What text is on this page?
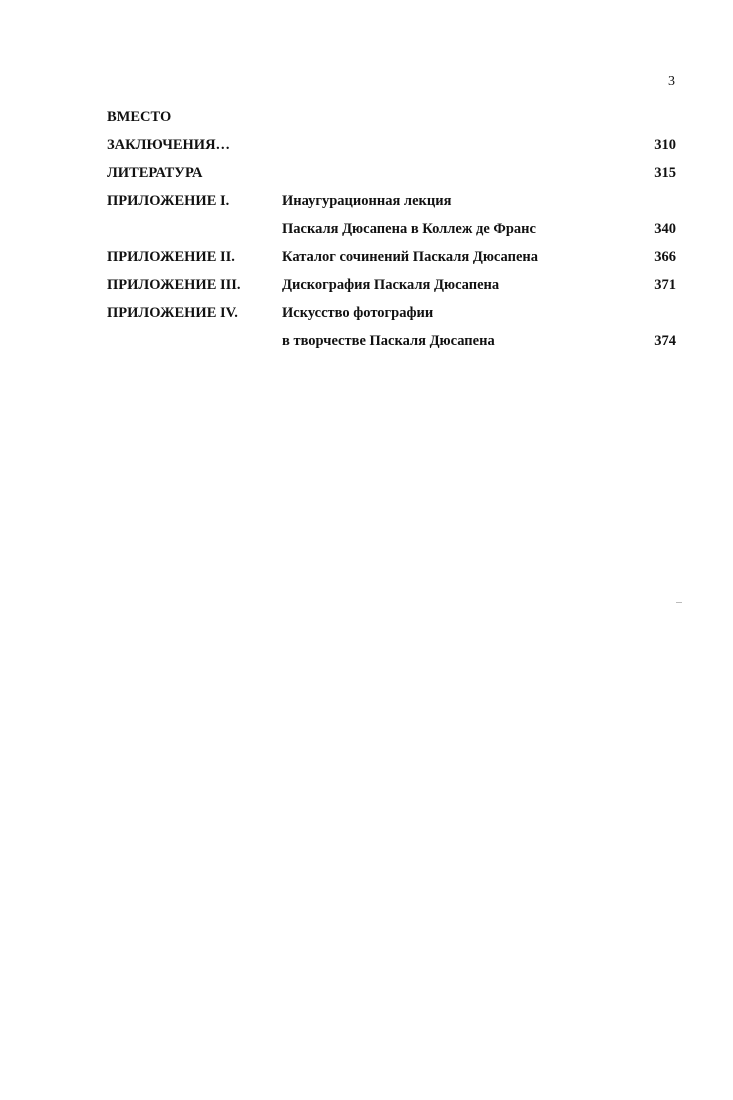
3
ВМЕСТО
ЗАКЛЮЧЕНИЯ…	310
ЛИТЕРАТУРА	315
ПРИЛОЖЕНИЕ I.	Инаугурационная лекция
Паскаля Дюсапена в Коллеж де Франс	340
ПРИЛОЖЕНИЕ II.	Каталог сочинений Паскаля Дюсапена	366
ПРИЛОЖЕНИЕ III.	Дискография Паскаля Дюсапена	371
ПРИЛОЖЕНИЕ IV.	Искусство фотографии
в творчестве Паскаля Дюсапена	374
